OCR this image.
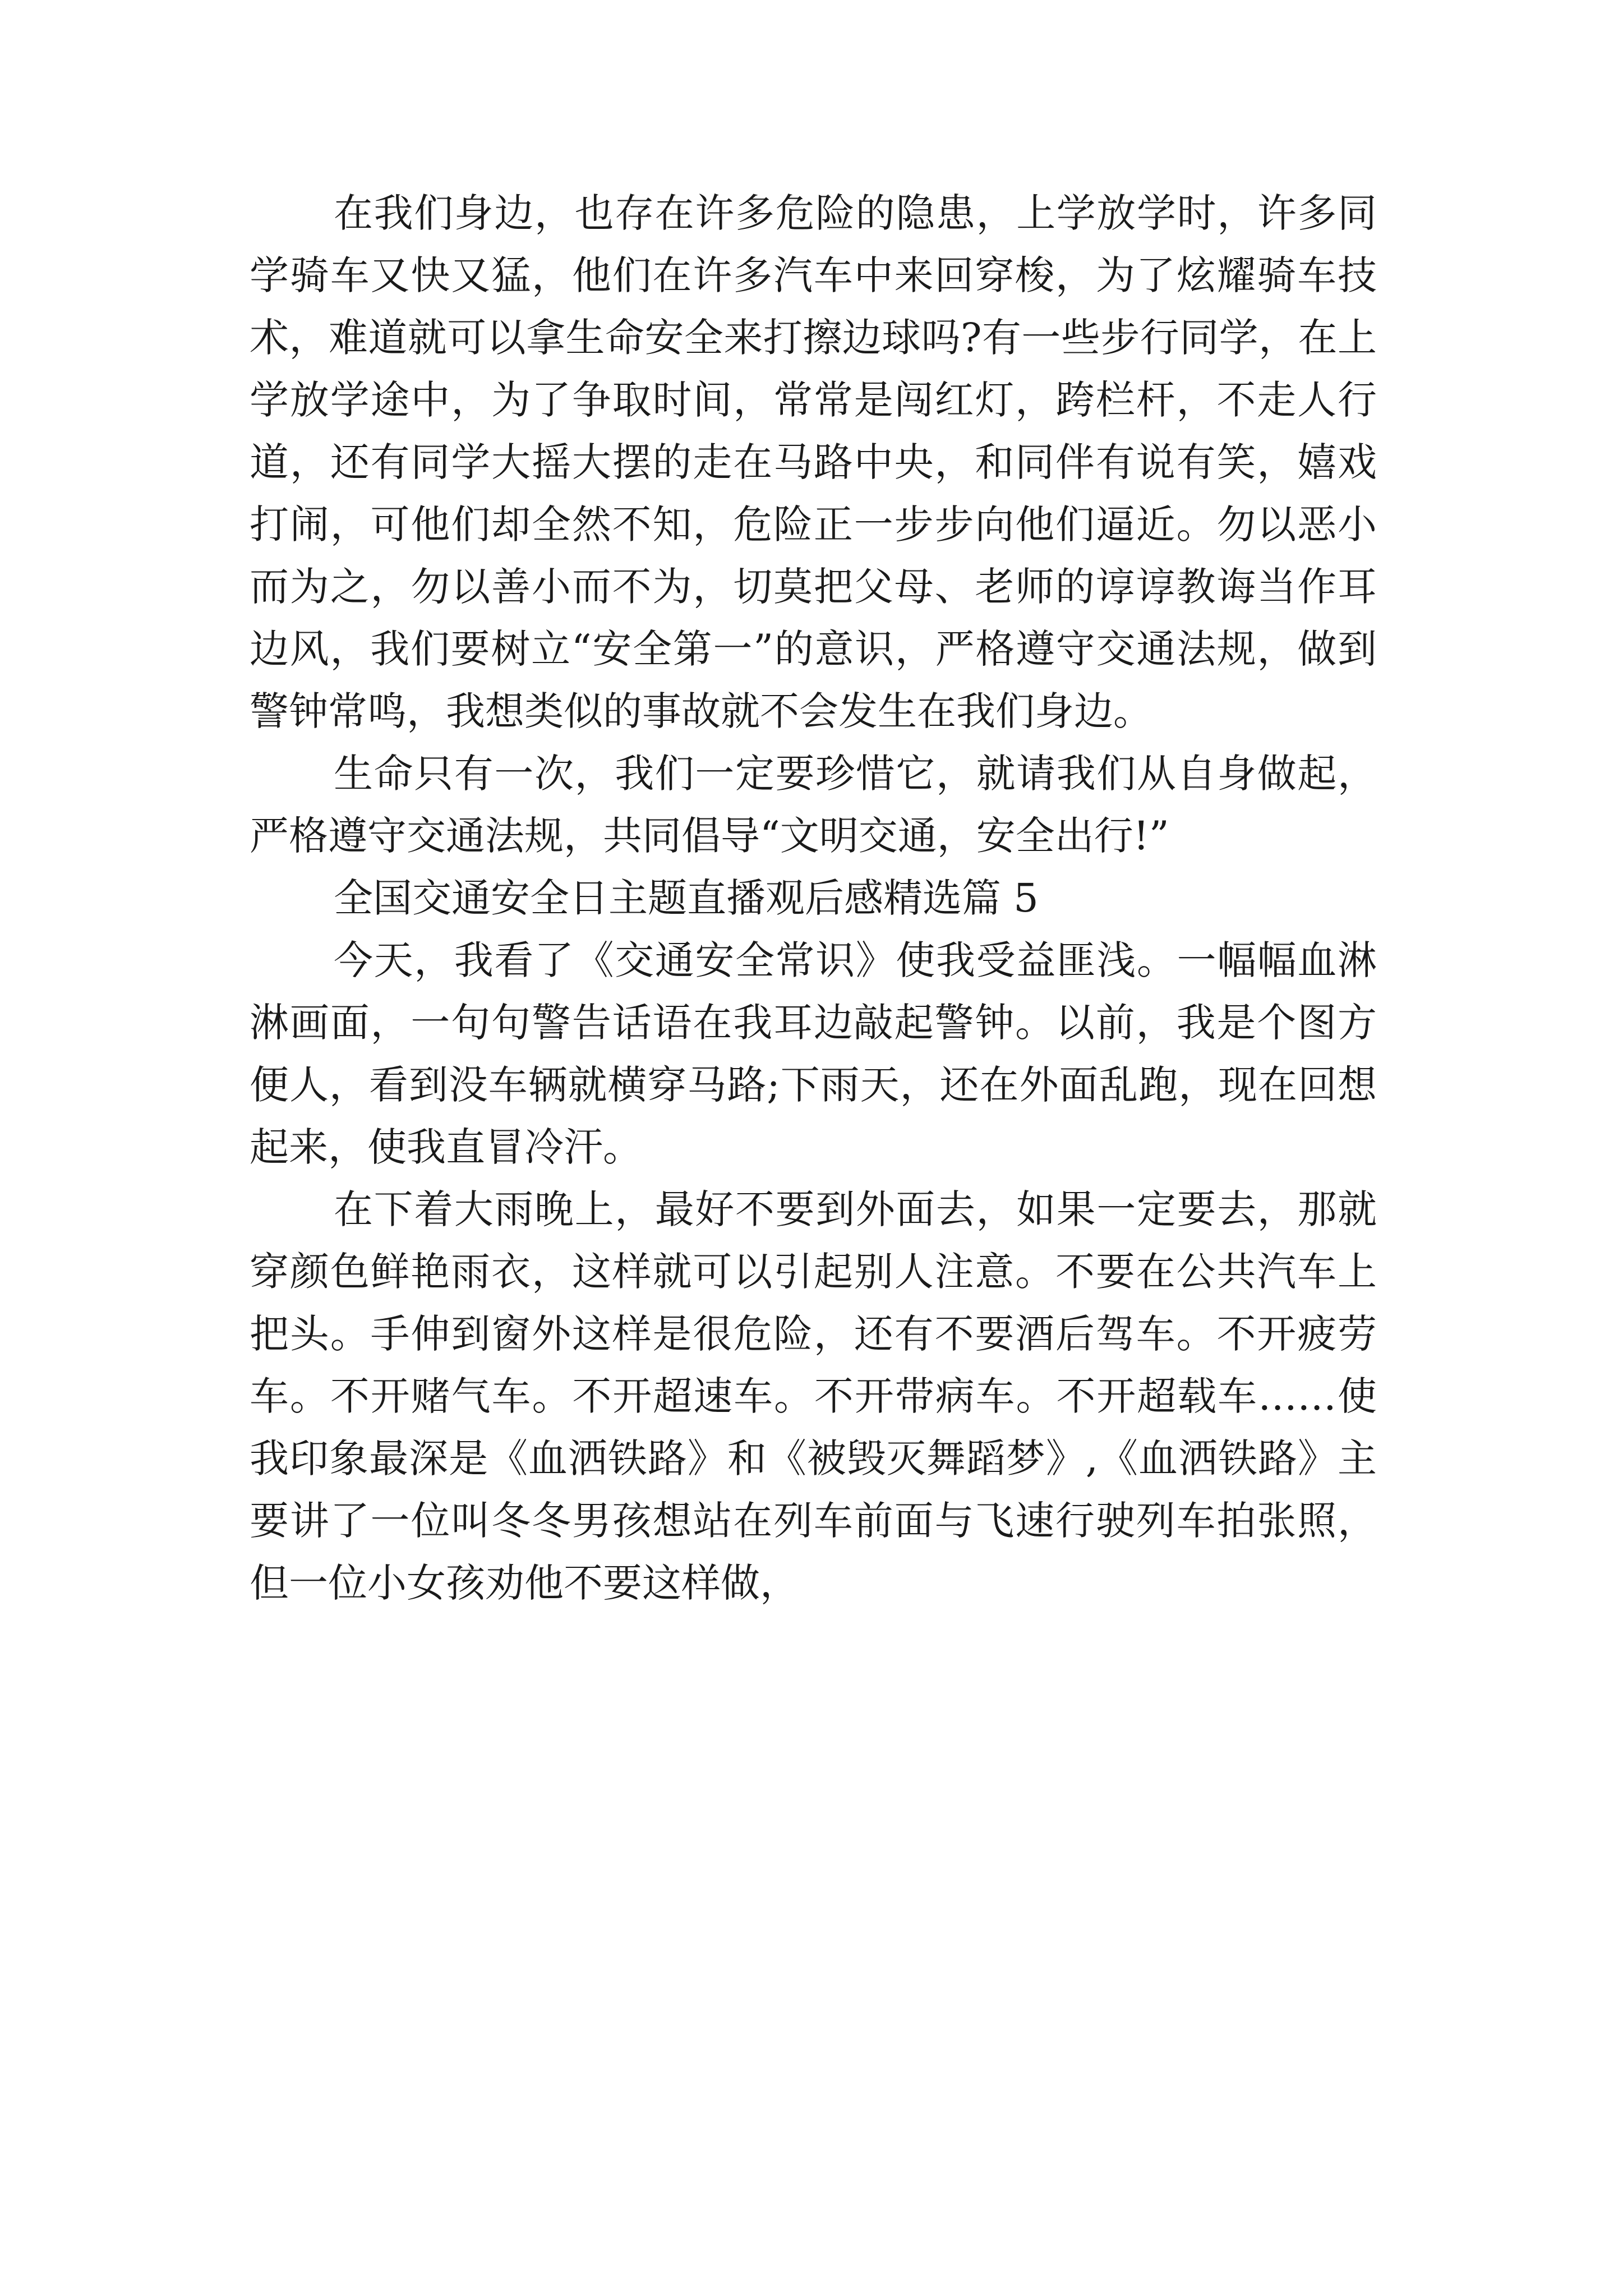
在我们身边，也存在许多危险的隐患，上学放学时，许多同学骑车又快又猛，他们在许多汽车中来回穿梭，为了炫耀骑车技术，难道就可以拿生命安全来打擦边球吗?有一些步行同学，在上学放学途中，为了争取时间，常常是闯红灯，跨栏杆，不走人行道，还有同学大摇大摆的走在马路中央，和同伴有说有笑，嬉戏打闹，可他们却全然不知，危险正一步步向他们逼近。勿以恶小而为之，勿以善小而不为，切莫把父母、老师的谆谆教诲当作耳边风，我们要树立“安全第一”的意识，严格遵守交通法规，做到警钟常鸣，我想类似的事故就不会发生在我们身边。

生命只有一次，我们一定要珍惜它，就请我们从自身做起，严格遵守交通法规，共同倡导“文明交通，安全出行!”

全国交通安全日主题直播观后感精选篇 5

今天，我看了《交通安全常识》使我受益匪浅。一幅幅血淋淋画面，一句句警告话语在我耳边敲起警钟。以前，我是个图方便人，看到没车辆就横穿马路;下雨天，还在外面乱跑，现在回想起来，使我直冒冷汗。

在下着大雨晚上，最好不要到外面去，如果一定要去，那就穿颜色鲜艳雨衣，这样就可以引起别人注意。不要在公共汽车上把头。手伸到窗外这样是很危险，还有不要酒后驾车。不开疲劳车。不开赌气车。不开超速车。不开带病车。不开超载车……使我印象最深是《血洒铁路》和《被毁灭舞蹈梦》,《血洒铁路》主要讲了一位叫冬冬男孩想站在列车前面与飞速行驶列车拍张照，但一位小女孩劝他不要这样做，
